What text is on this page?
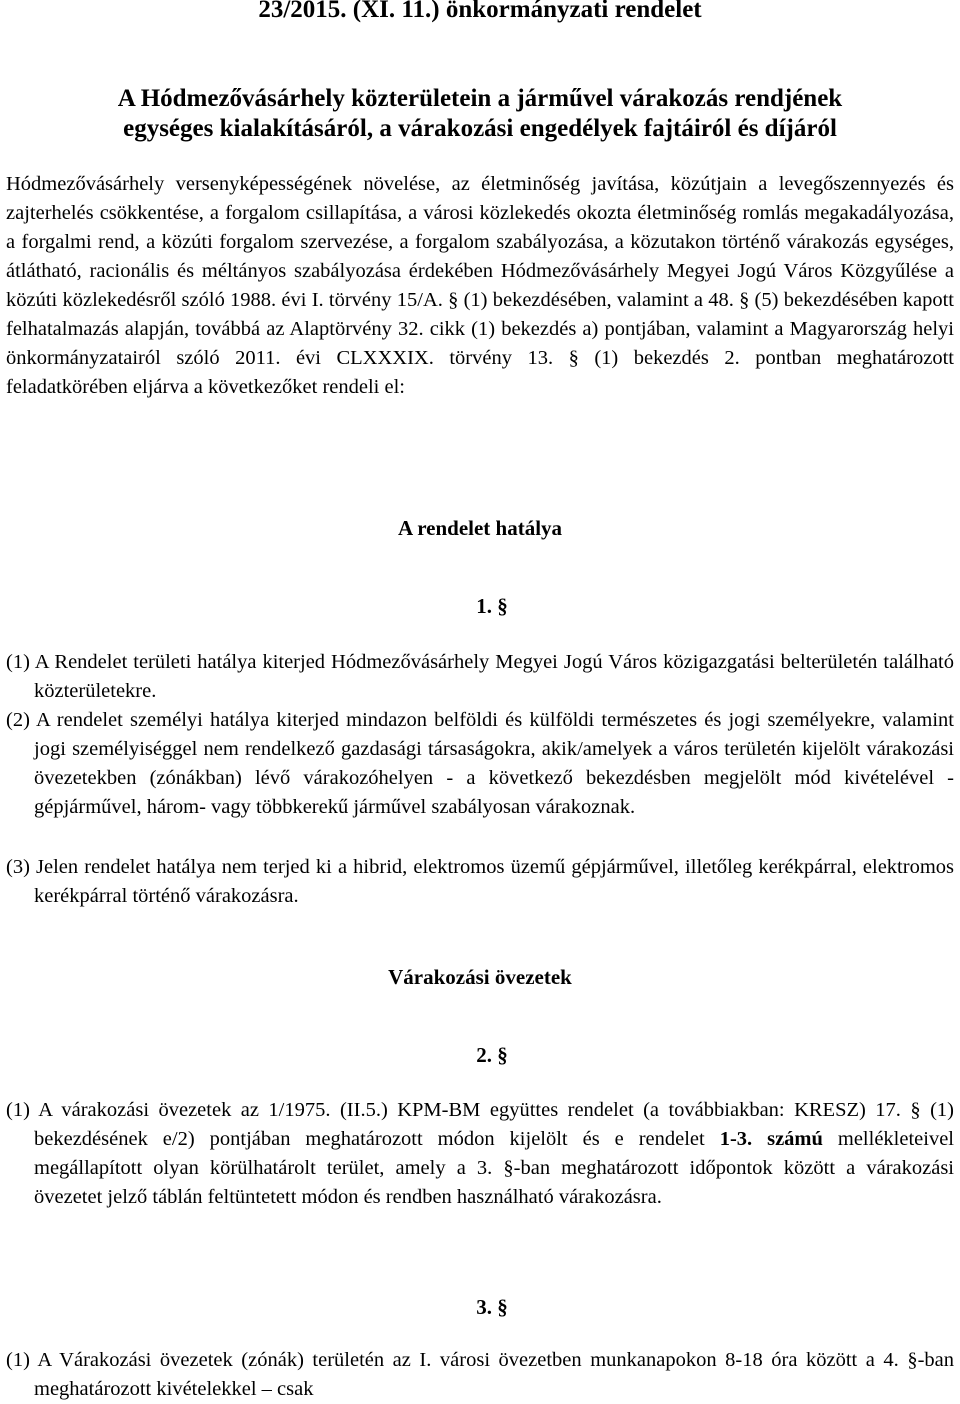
23/2015. (XI. 11.) önkormányzati rendelet
A Hódmezővásárhely közterületein a járművel várakozás rendjének
egységes kialakításáról, a várakozási engedélyek fajtáiról és díjáról
Hódmezővásárhely versenyképességének növelése, az életminőség javítása, közútjain a levegőszennyezés és zajterhelés csökkentése, a forgalom csillapítása, a városi közlekedés okozta életminőség romlás megakadályozása, a forgalmi rend, a közúti forgalom szervezése, a forgalom szabályozása, a közutakon történő várakozás egységes, átlátható, racionális és méltányos szabályozása érdekében Hódmezővásárhely Megyei Jogú Város Közgyűlése a közúti közlekedésről szóló 1988. évi I. törvény 15/A. § (1) bekezdésében, valamint a 48. § (5) bekezdésében kapott felhatalmazás alapján, továbbá az Alaptörvény 32. cikk (1) bekezdés a) pontjában, valamint a Magyarország helyi önkormányzatairól szóló 2011. évi CLXXXIX. törvény 13. § (1) bekezdés 2. pontban meghatározott feladatkörében eljárva a következőket rendeli el:
A rendelet hatálya
1. §
(1) A Rendelet területi hatálya kiterjed Hódmezővásárhely Megyei Jogú Város közigazgatási belterületén található közterületekre.
(2) A rendelet személyi hatálya kiterjed mindazon belföldi és külföldi természetes és jogi személyekre, valamint jogi személyiséggel nem rendelkező gazdasági társaságokra, akik/amelyek a város területén kijelölt várakozási övezetekben (zónákban) lévő várakozóhelyen - a következő bekezdésben megjelölt mód kivételével - gépjárművel, három- vagy többkerekű járművel szabályosan várakoznak.
(3) Jelen rendelet hatálya nem terjed ki a hibrid, elektromos üzemű gépjárművel, illetőleg kerékpárral, elektromos kerékpárral történő várakozásra.
Várakozási övezetek
2. §
(1) A várakozási övezetek az 1/1975. (II.5.) KPM-BM együttes rendelet (a továbbiakban: KRESZ) 17. § (1) bekezdésének e/2) pontjában meghatározott módon kijelölt és e rendelet 1-3. számú mellékleteivel megállapított olyan körülhatárolt terület, amely a 3. §-ban meghatározott időpontok között a várakozási övezetet jelző táblán feltüntetett módon és rendben használható várakozásra.
3. §
(1) A Várakozási övezetek (zónák) területén az I. városi övezetben munkanapokon 8-18 óra között a 4. §-ban meghatározott kivételekkel – csak
